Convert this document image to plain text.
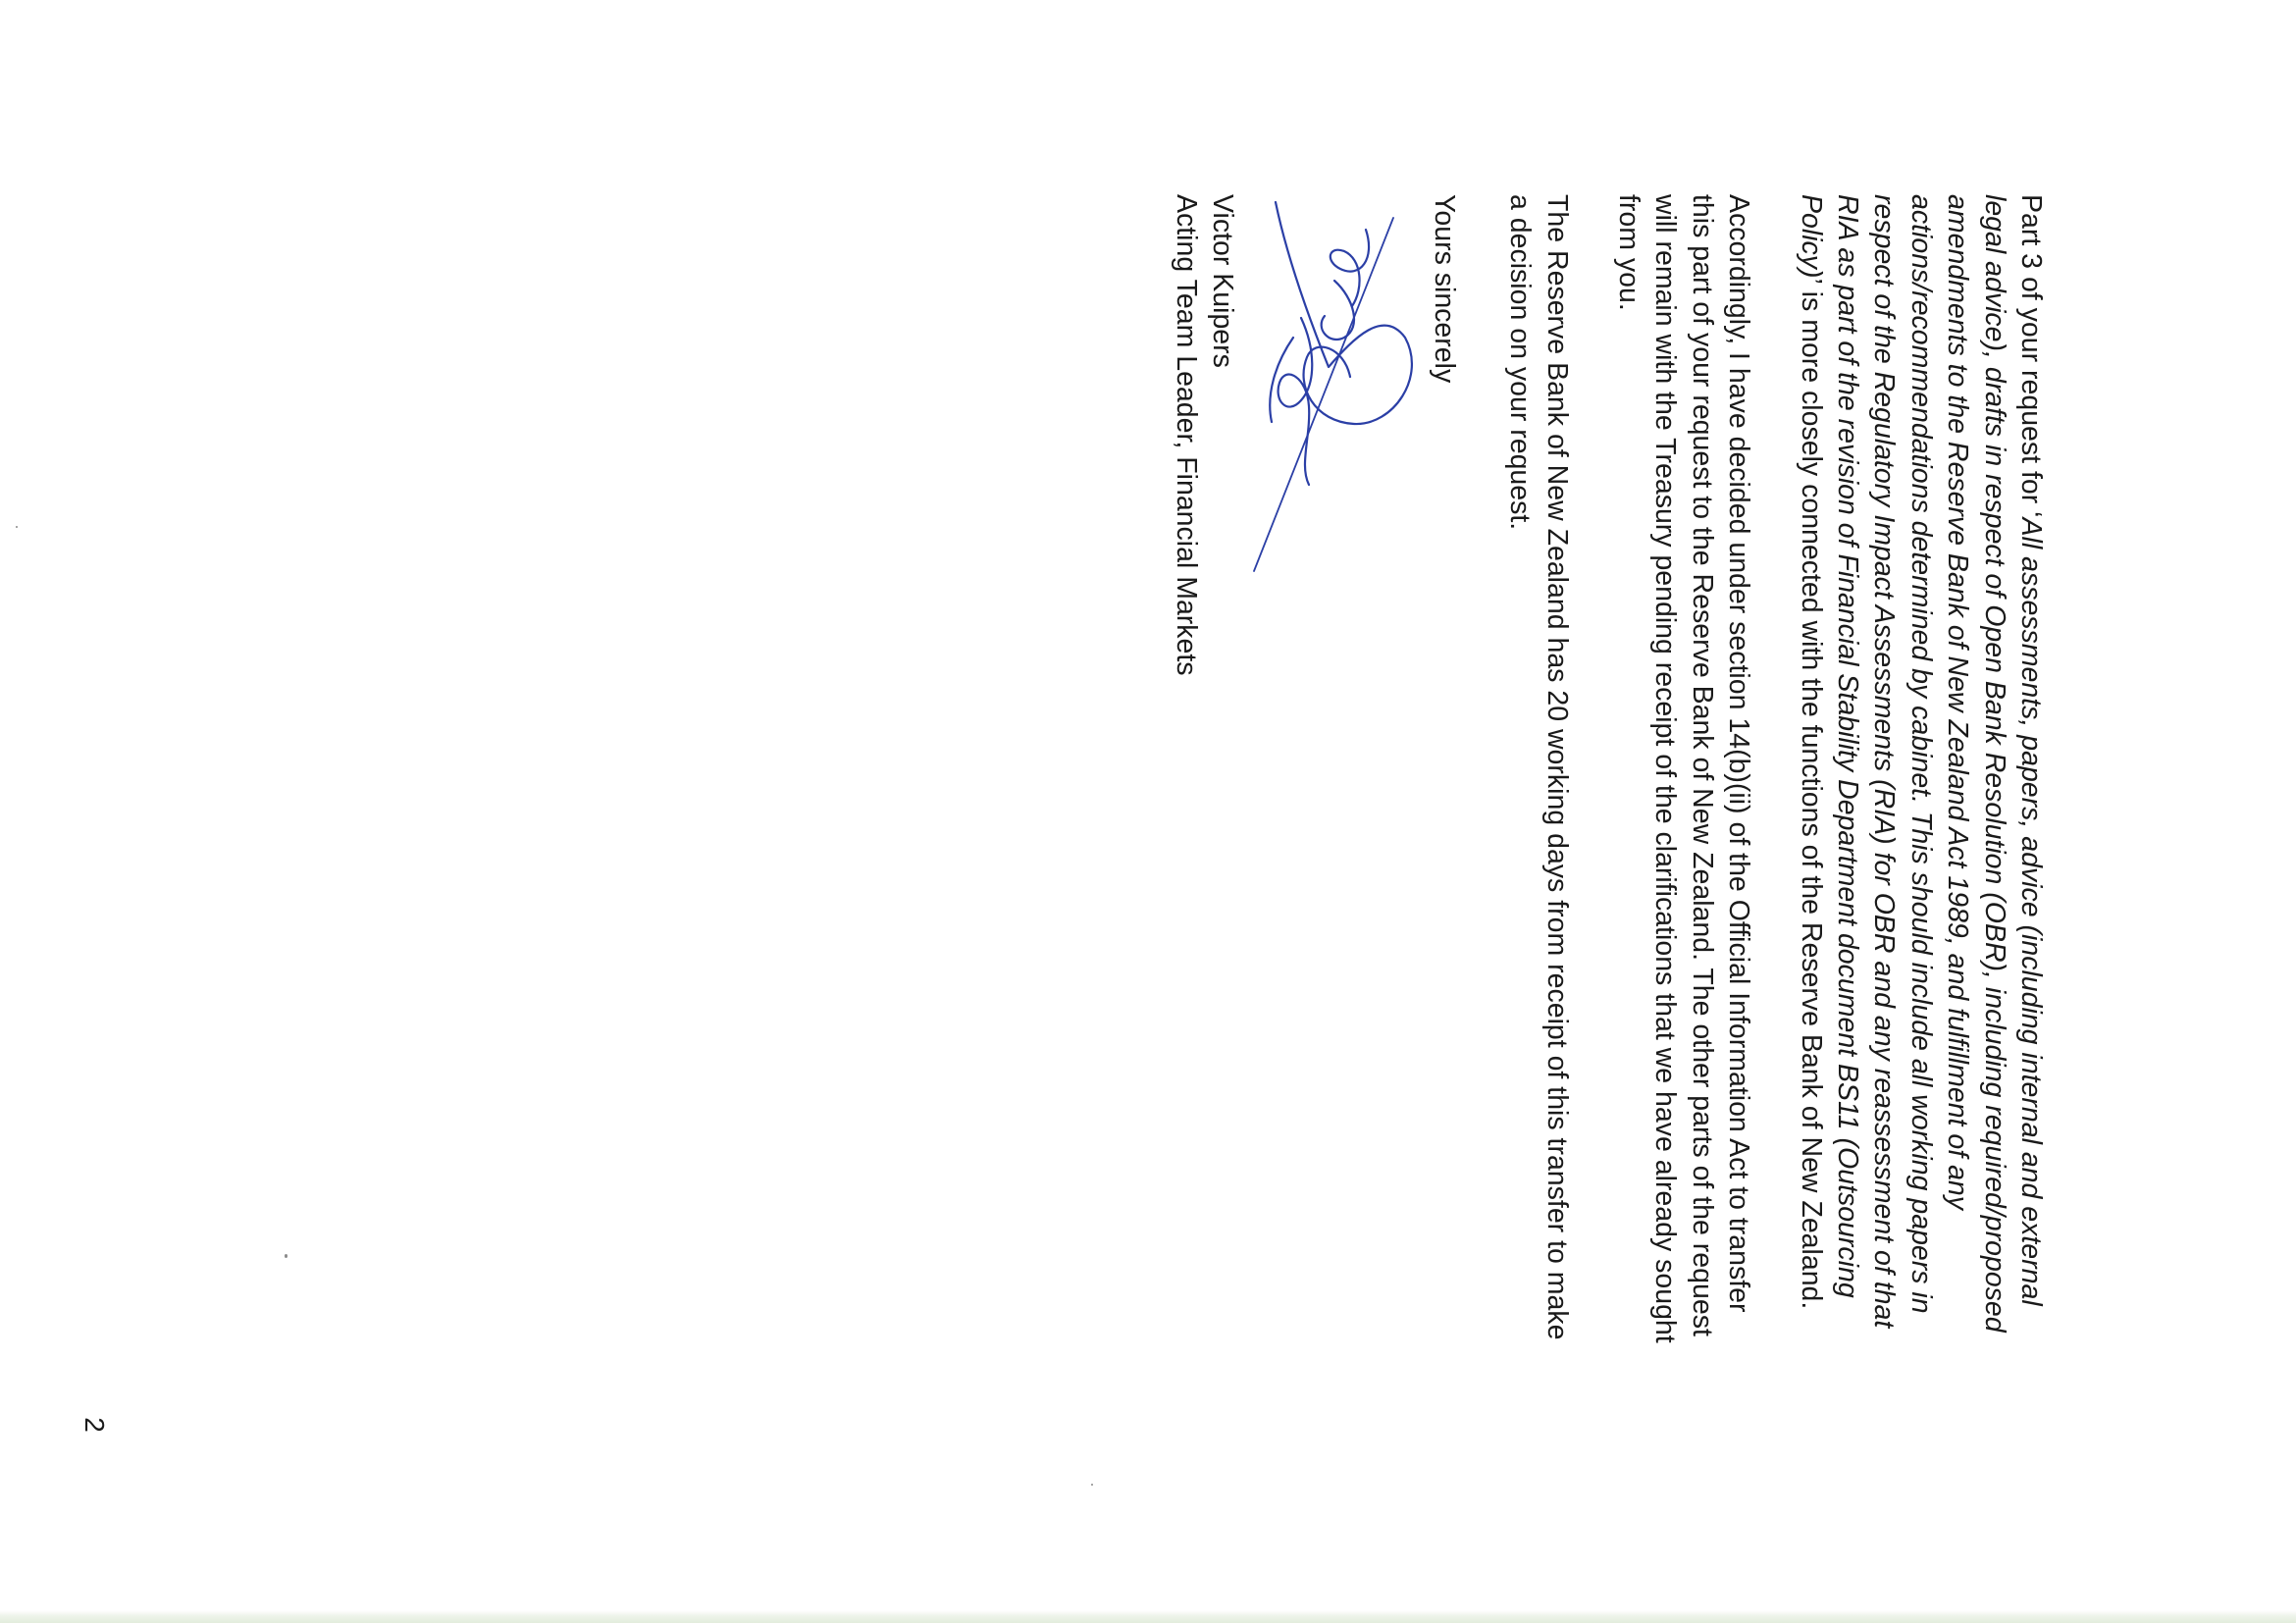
Part 3 of your request for ‘All assessments, papers, advice (including internal and external
legal advice), drafts in respect of Open Bank Resolution (OBR), including required/proposed
amendments to the Reserve Bank of New Zealand Act 1989, and fulfillment of any
actions/recommendations determined by cabinet. This should include all working papers in
respect of the Regulatory Impact Assessments (RIA) for OBR and any reassessment of that
RIA as part of the revision of Financial Stability Department document BS11 (Outsourcing
Policy)’ is more closely connected with the functions of the Reserve Bank of New Zealand.

Accordingly, I have decided under section 14(b)(ii) of the Official Information Act to transfer
this part of your request to the Reserve Bank of New Zealand. The other parts of the request
will remain with the Treasury pending receipt of the clarifications that we have already sought
from you.

The Reserve Bank of New Zealand has 20 working days from receipt of this transfer to make
a decision on your request.

Yours sincerely

Victor Kuipers
Acting Team Leader, Financial Markets
2
